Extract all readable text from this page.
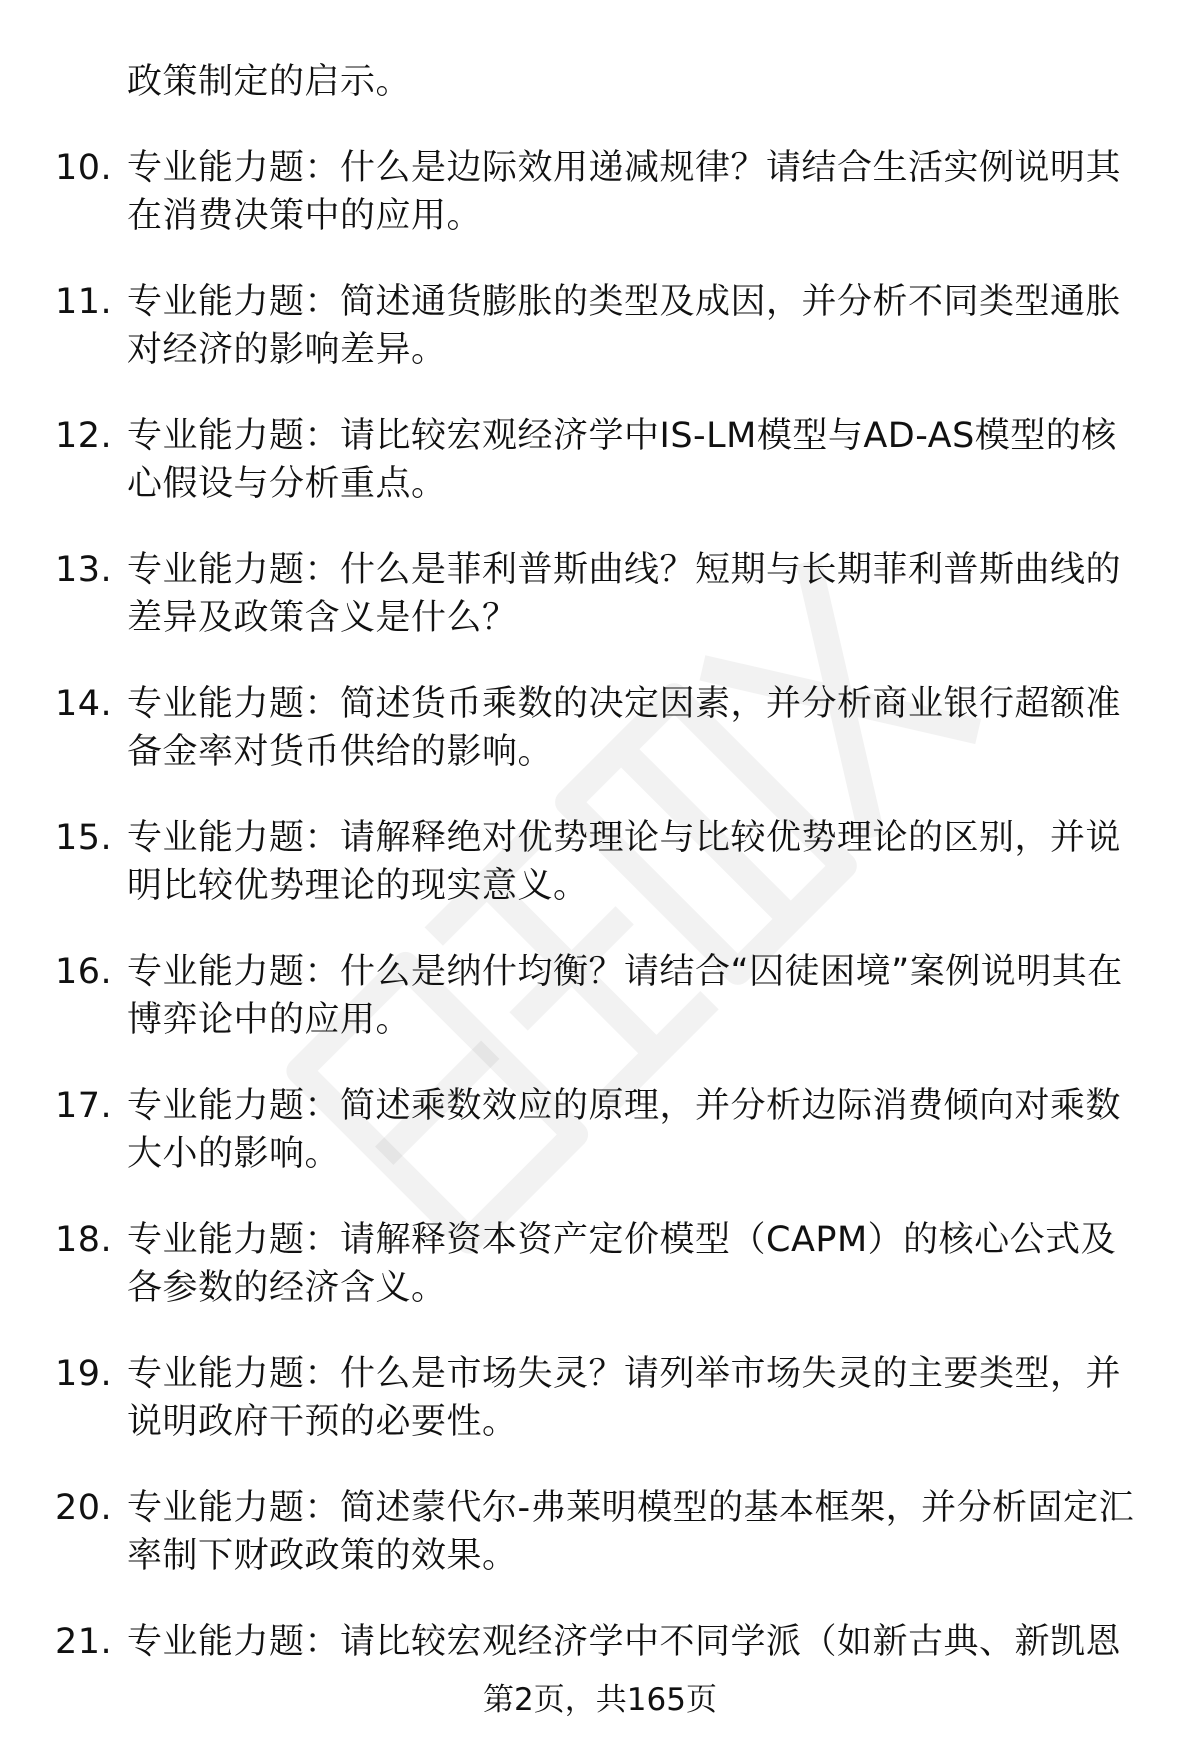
政策制定的启示。
10. 专业能力题：什么是边际效用递减规律？请结合生活实例说明其在消费决策中的应用。
11. 专业能力题：简述通货膨胀的类型及成因，并分析不同类型通胀对经济的影响差异。
12. 专业能力题：请比较宏观经济学中IS-LM模型与AD-AS模型的核心假设与分析重点。
13. 专业能力题：什么是菲利普斯曲线？短期与长期菲利普斯曲线的差异及政策含义是什么？
14. 专业能力题：简述货币乘数的决定因素，并分析商业银行超额准备金率对货币供给的影响。
15. 专业能力题：请解释绝对优势理论与比较优势理论的区别，并说明比较优势理论的现实意义。
16. 专业能力题：什么是纳什均衡？请结合“囚徒困境”案例说明其在博弈论中的应用。
17. 专业能力题：简述乘数效应的原理，并分析边际消费倾向对乘数大小的影响。
18. 专业能力题：请解释资本资产定价模型（CAPM）的核心公式及各参数的经济含义。
19. 专业能力题：什么是市场失灵？请列举市场失灵的主要类型，并说明政府干预的必要性。
20. 专业能力题：简述蒙代尔-弗莱明模型的基本框架，并分析固定汇率制下财政政策的效果。
21. 专业能力题：请比较宏观经济学中不同学派（如新古典、新凯恩
第2页，共165页
